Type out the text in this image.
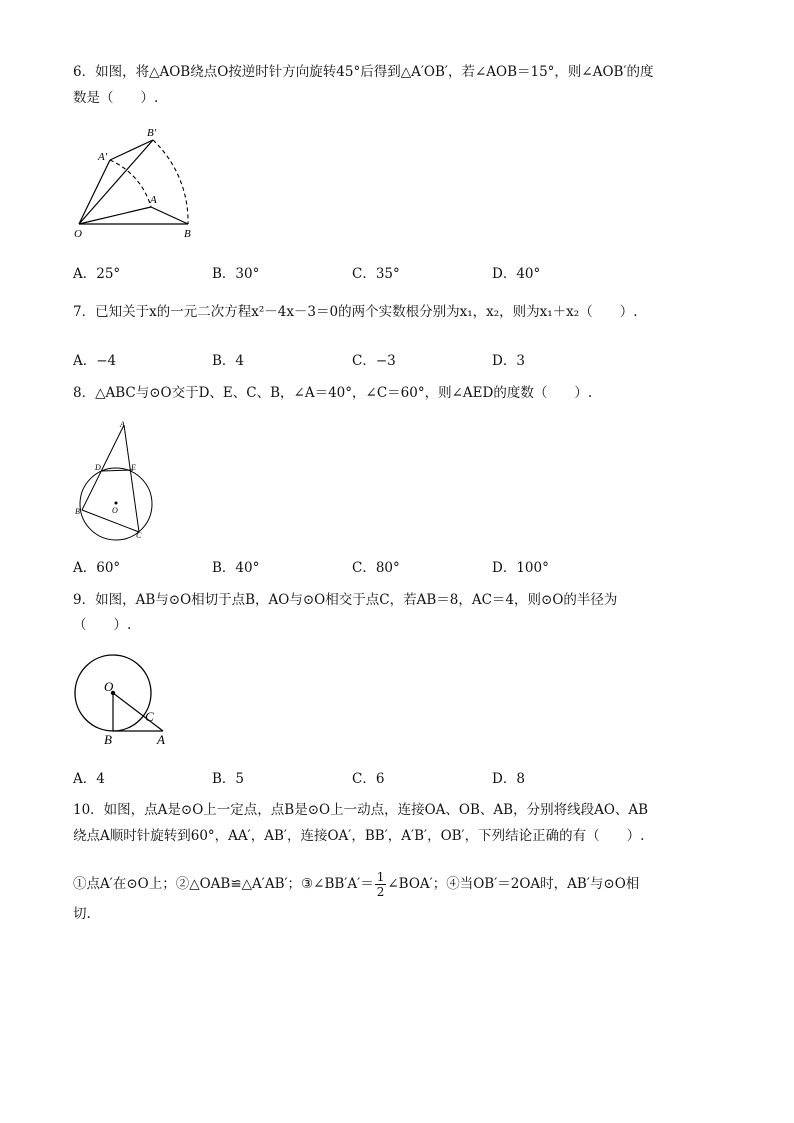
6．如图，将△AOB绕点O按逆时针方向旋转45°后得到△A′OB′，若∠AOB＝15°，则∠AOB′的度
数是（　　）.
O
A
B
A′
B′
A．25°	B．30°	C．35°	D．40°
7．已知关于x的一元二次方程x²－4x－3＝0的两个实数根分别为x₁，x₂，则为x₁＋x₂（　　）.
A．−4	B．4	C．−3	D．3
8．△ABC与⊙O交于D、E、C、B，∠A＝40°，∠C＝60°，则∠AED的度数（　　）.
A
B
C
D	E
O
A．60°	B．40°	C．80°	D．100°
9．如图，AB与⊙O相切于点B，AO与⊙O相交于点C，若AB＝8，AC＝4，则⊙O的半径为
（　　）.
O
B	A
C
A．4	B．5	C．6	D．8
10．如图，点A是⊙O上一定点，点B是⊙O上一动点，连接OA、OB、AB，分别将线段AO、AB
绕点A顺时针旋转到60°，AA′，AB′，连接OA′，BB′，A′B′，OB′，下列结论正确的有（　　）.
①点A′在⊙O上；②△OAB≌△A′AB′；③∠BB′A′＝ $\frac{1}{2}$ ∠BOA′；④当OB′＝2OA时，AB′与⊙O相
切.
